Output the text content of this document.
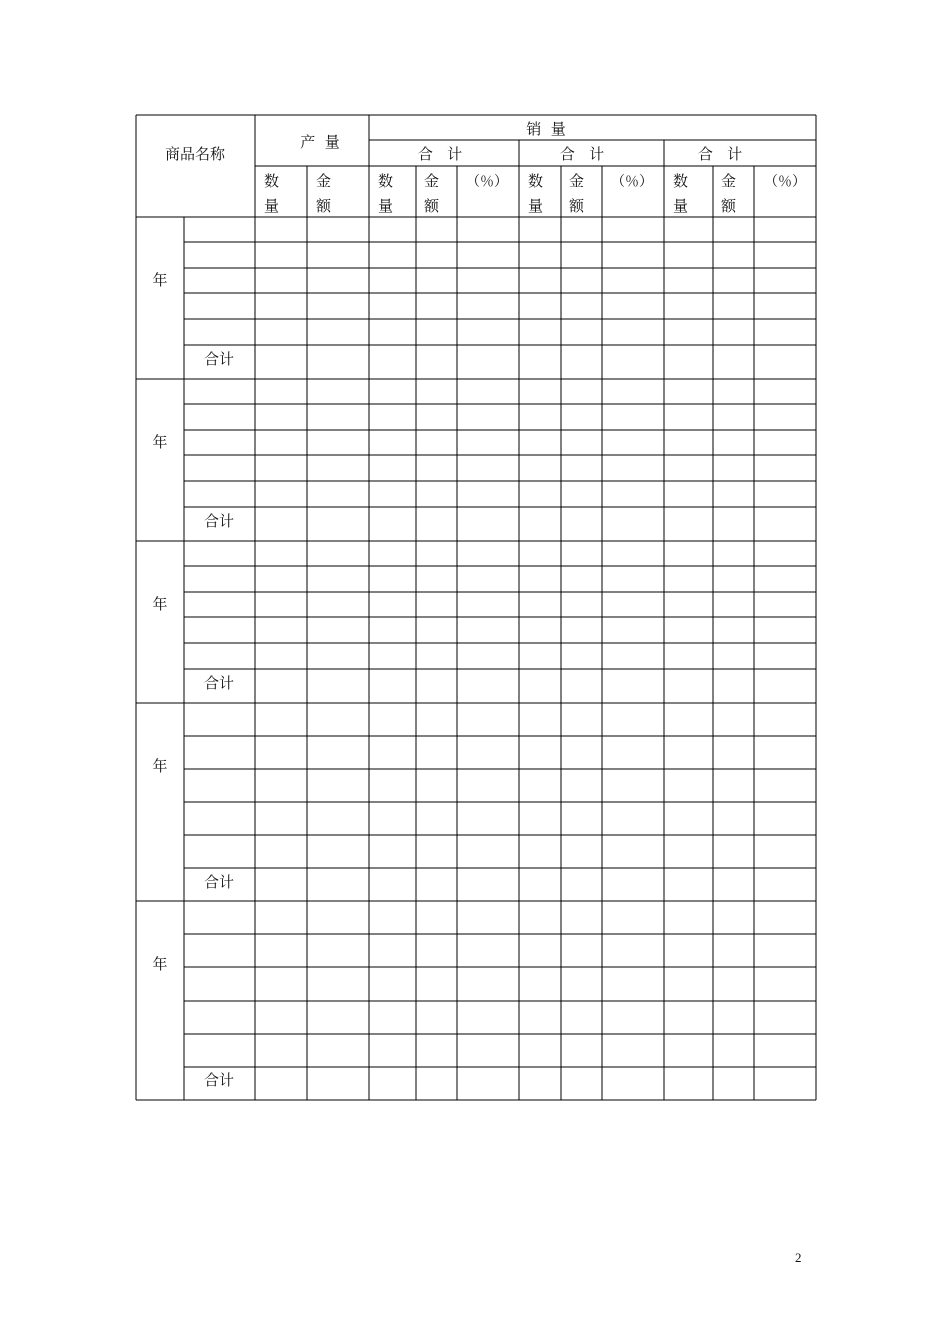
商品名称
产  量
销  量
合   计	合   计	合   计
数
量
金
额
数
量
金
额
（％） 数
量
金
额
（％） 数
量
金
额
（％）
年
合计
年
合计
年
合计
年
合计
年
合计
2
